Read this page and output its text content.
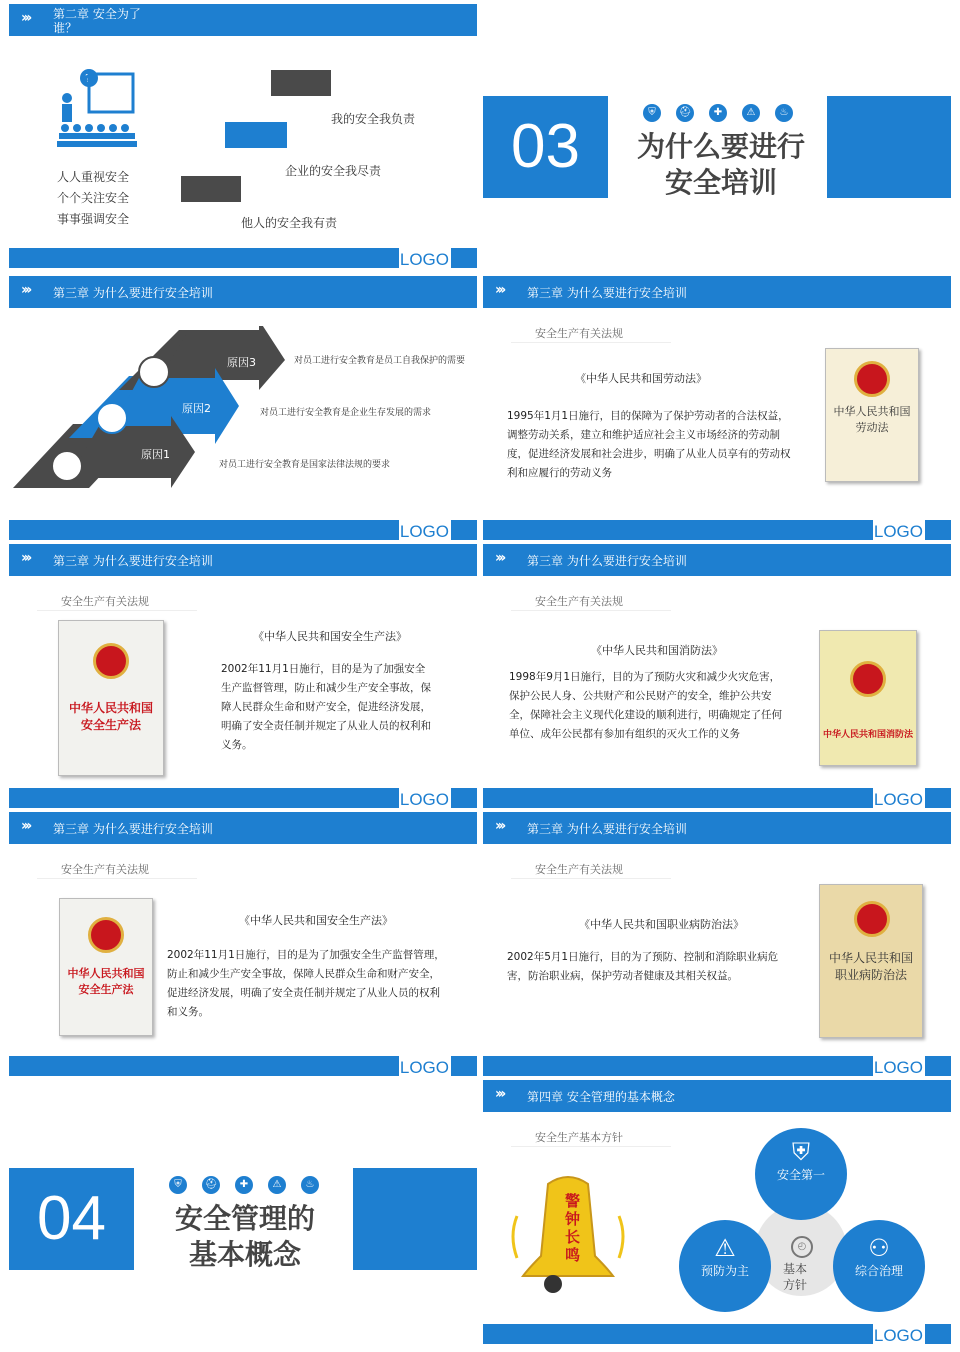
››› 第二章 安全为了谁？
?
人人重视安全
个个关注安全
事事强调安全
我的安全我负责
企业的安全我尽责
他人的安全我有责
LOGO
03	⛨	⛑	✚	⚠	♨
为什么要进行
安全培训
››› 第三章 为什么要进行安全培训
原因3	对员工进行安全教育是员工自我保护的需要
原因2	对员工进行安全教育是企业生存发展的需求
原因1
对员工进行安全教育是国家法律法规的要求
LOGO
››› 第三章 为什么要进行安全培训
安全生产有关法规
《中华人民共和国劳动法》
1995年1月1日施行，目的保障为了保护劳动者的合法权益，调整劳动关系，建立和维护适应社会主义市场经济的劳动制度，促进经济发展和社会进步，明确了从业人员享有的劳动权利和应履行的劳动义务
中华人民共和国
劳动法
LOGO
››› 第三章 为什么要进行安全培训
安全生产有关法规
中华人民共和国
安全生产法
《中华人民共和国安全生产法》
2002年11月1日施行，目的是为了加强安全生产监督管理，防止和减少生产安全事故，保障人民群众生命和财产安全，促进经济发展，明确了安全责任制并规定了从业人员的权利和义务。
LOGO
››› 第三章 为什么要进行安全培训
安全生产有关法规
《中华人民共和国消防法》
1998年9月1日施行，目的为了预防火灾和减少火灾危害，保护公民人身、公共财产和公民财产的安全，维护公共安全，保障社会主义现代化建设的顺利进行，明确规定了任何单位、成年公民都有参加有组织的灭火工作的义务	中华人民共和国消防法
LOGO
››› 第三章 为什么要进行安全培训
安全生产有关法规
中华人民共和国
安全生产法
《中华人民共和国安全生产法》
2002年11月1日施行，目的是为了加强安全生产监督管理，防止和减少生产安全事故，保障人民群众生命和财产安全，促进经济发展，明确了安全责任制并规定了从业人员的权利和义务。
LOGO
››› 第三章 为什么要进行安全培训
安全生产有关法规
《中华人民共和国职业病防治法》
2002年5月1日施行，目的为了预防、控制和消除职业病危害，防治职业病，保护劳动者健康及其相关权益。
中华人民共和国
职业病防治法
LOGO
04	⛨	⛑	✚	⚠	♨
安全管理的
基本概念
››› 第四章 安全管理的基本概念
安全生产基本方针
警钟长鸣
⛨
安全第一
⚠
预防为主
⚇
综合治理
◴
基本
方针
LOGO
